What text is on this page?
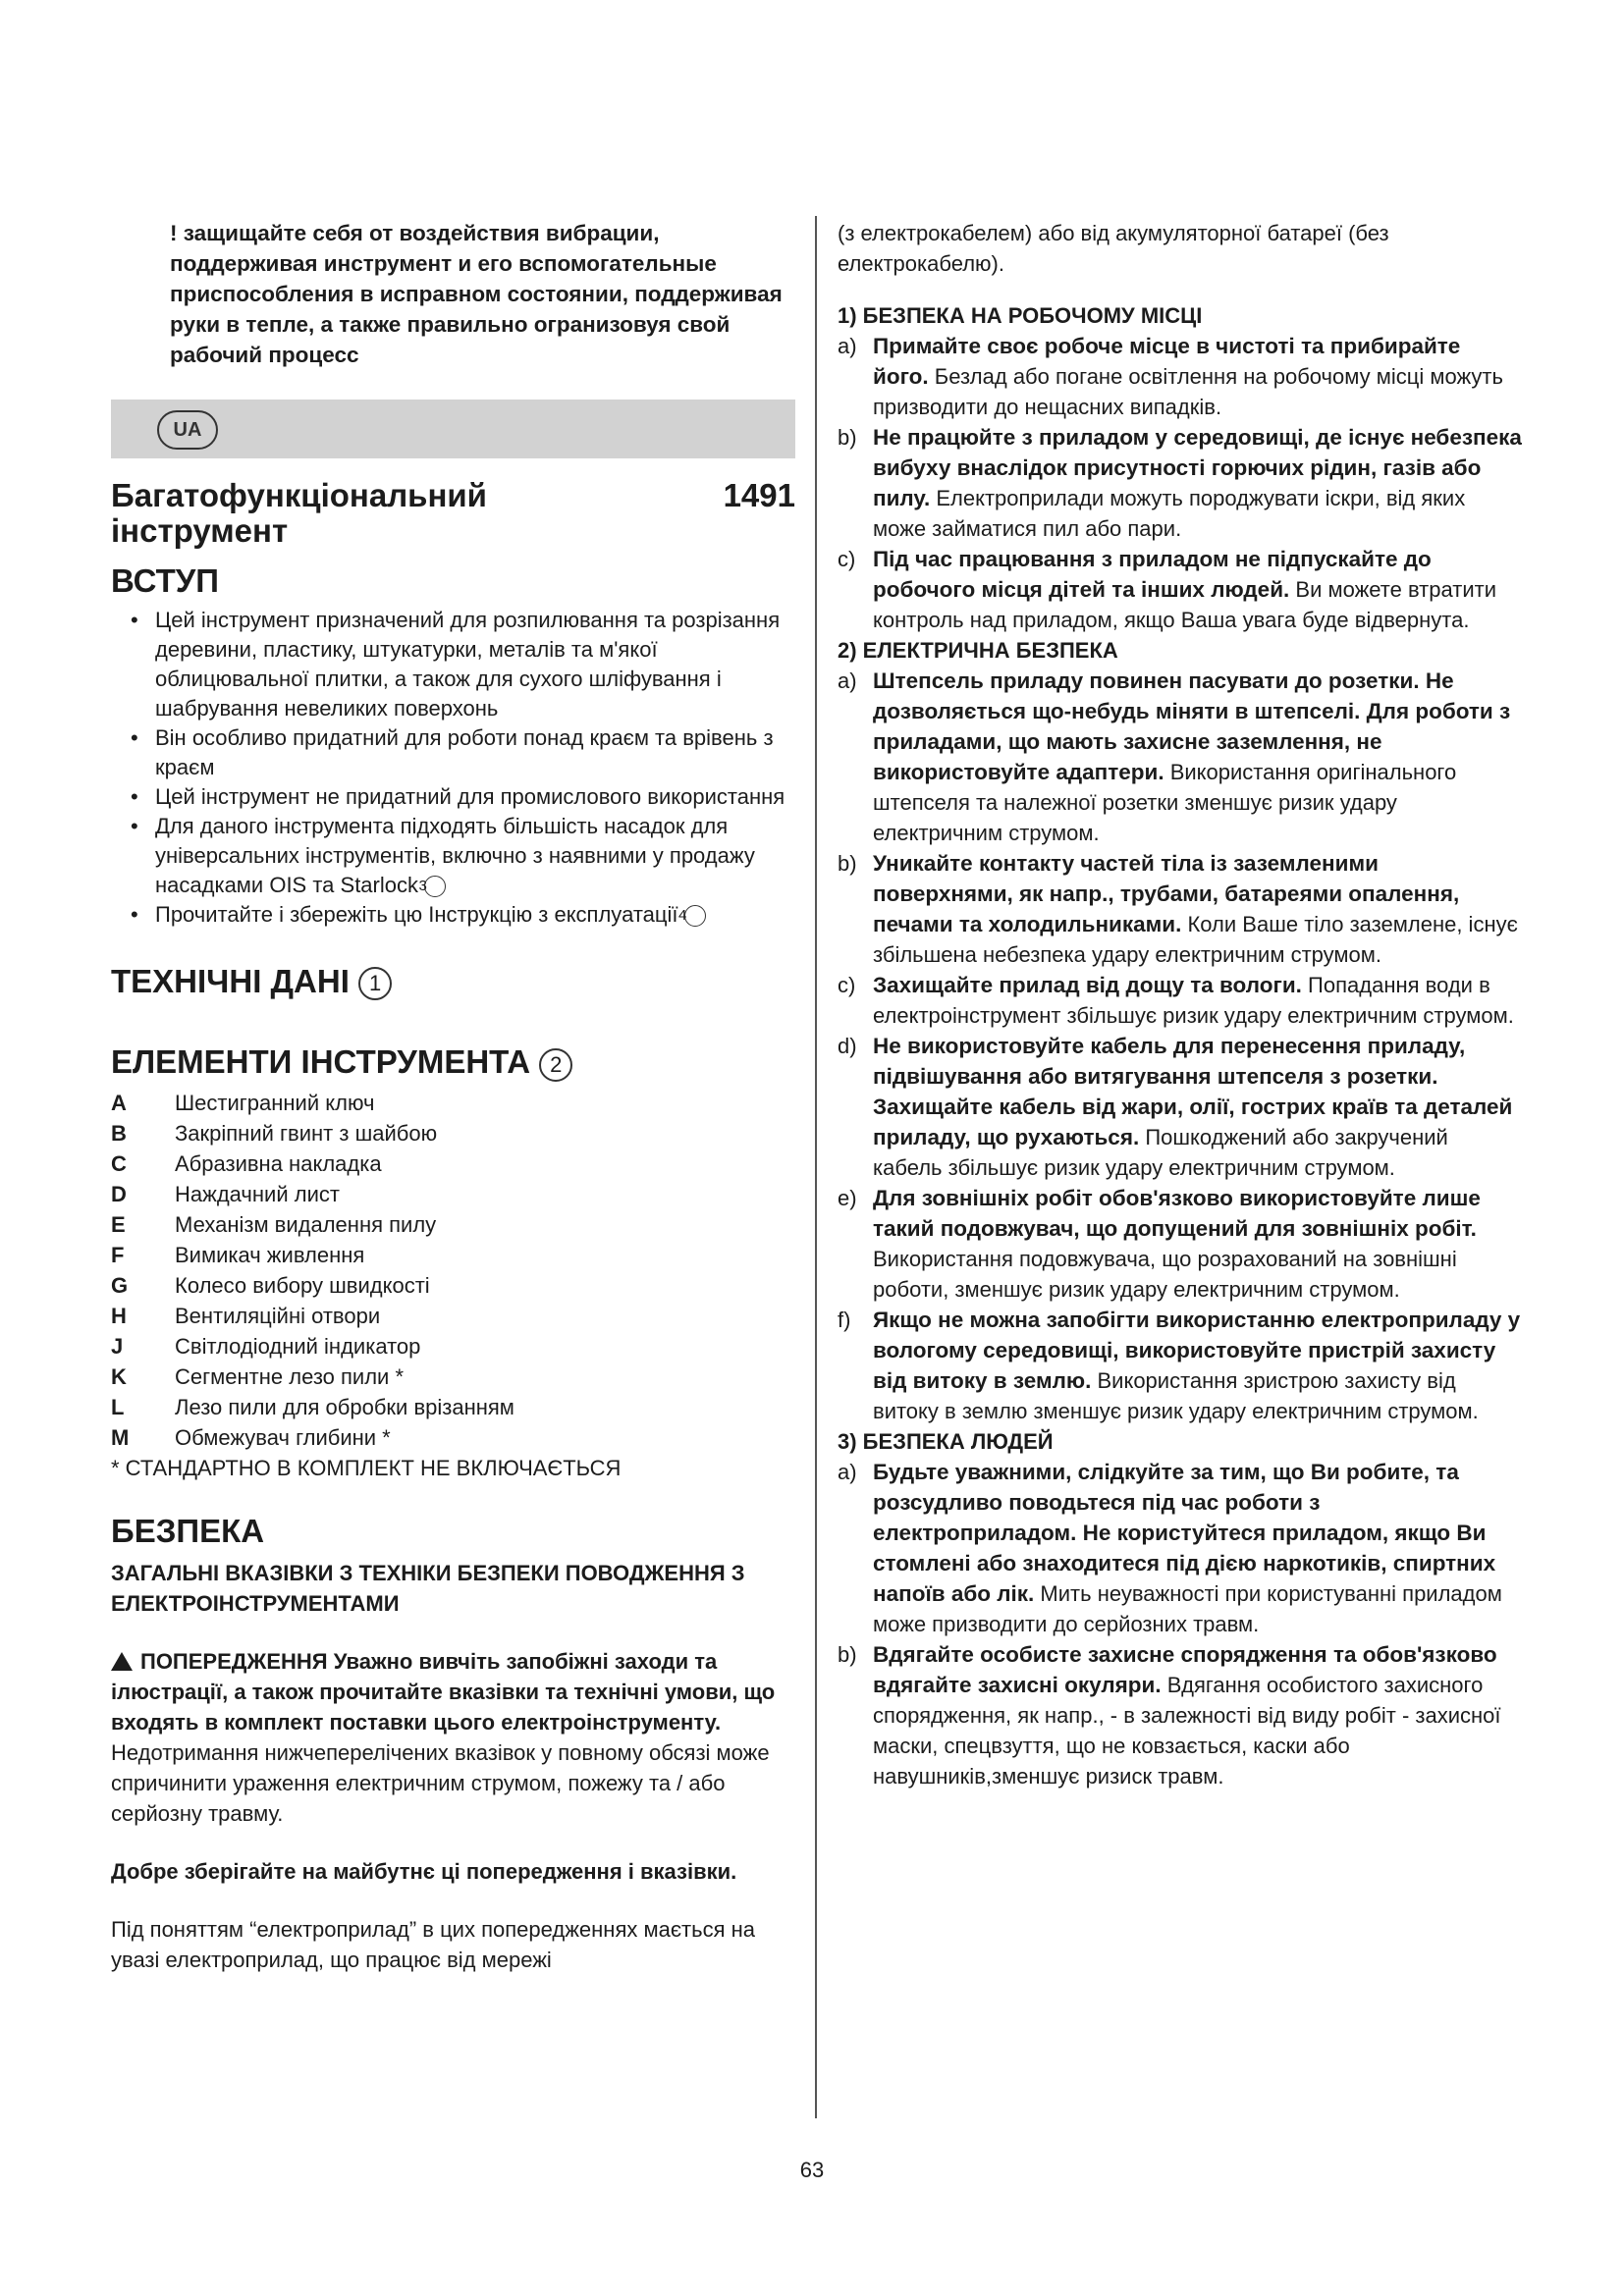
! защищайте себя от воздействия вибрации, поддерживая инструмент и его вспомогательные приспособления в исправном состоянии, поддерживая руки в тепле, а также правильно огранизовуя свой рабочий процесс
UA
Багатофункціональний інструмент
1491
ВСТУП
• Цей інструмент призначений для розпилювання та розрізання деревини, пластику, штукатурки, металів та м'якої облицювальної плитки, а також для сухого шліфування і шабрування невеликих поверхонь
• Він особливо придатний для роботи понад краєм та врівень з краєм
• Цей інструмент не придатний для промислового використання
• Для даного інструмента підходять більшість насадок для універсальних інструментів, включно з наявними у продажу насадками OIS та Starlock 3
• Прочитайте і збережіть цю Інструкцію з експлуатації 4
ТЕХНІЧНІ ДАНІ 1
ЕЛЕМЕНТИ ІНСТРУМЕНТА 2
A	Шестигранний ключ
B	Закріпний гвинт з шайбою
C	Абразивна накладка
D	Наждачний лист
E	Механізм видалення пилу
F	Вимикач живлення
G	Колесо вибору швидкості
H	Вентиляційні отвори
J	Світлодіодний індикатор
K	Сегментне лезо пили *
L	Лезо пили для обробки врізанням
M	Обмежувач глибини *
* СТАНДАРТНО В КОМПЛЕКТ НЕ ВКЛЮЧАЄТЬСЯ
БЕЗПЕКА
ЗАГАЛЬНІ ВКАЗІВКИ З ТЕХНІКИ БЕЗПЕКИ ПОВОДЖЕННЯ З ЕЛЕКТРОІНСТРУМЕНТАМИ

ПОПЕРЕДЖЕННЯ Уважно вивчіть запобіжні заходи та ілюстрації, а також прочитайте вказівки та технічні умови, що входять в комплект поставки цього електроінструменту. Недотримання нижчеперелічених вказівок у повному обсязі може спричинити ураження електричним струмом, пожежу та / або серйозну травму.

Добре зберігайте на майбутнє ці попередження і вказівки.

Під поняттям “електроприлад” в цих попередженнях мається на увазі електроприлад, що працює від мережі

(з електрокабелем) або від акумуляторної батареї (без електрокабелю).

1) БЕЗПЕКА НА РОБОЧОМУ МІСЦІ
a) Примайте своє робоче місце в чистоті та прибирайте його. Безлад або погане освітлення на робочому місці можуть призводити до нещасних випадків.
b) Не працюйте з приладом у середовищі, де існує небезпека вибуху внаслідок присутності горючих рідин, газів або пилу. Електроприлади можуть породжувати іскри, від яких може займатися пил або пари.
c) Під час працювання з приладом не підпускайте до робочого місця дітей та інших людей. Ви можете втратити контроль над приладом, якщо Ваша увага буде відвернута.
2) ЕЛЕКТРИЧНА БЕЗПЕКА
a) Штепсель приладу повинен пасувати до розетки. Не дозволяється що-небудь міняти в штепселі. Для роботи з приладами, що мають захисне заземлення, не використовуйте адаптери. Використання оригінального штепселя та належної розетки зменшує ризик удару електричним струмом.
b) Уникайте контакту частей тіла із заземленими поверхнями, як напр., трубами, батареями опалення, печами та холодильниками. Коли Ваше тіло заземлене, існує збільшена небезпека удару електричним струмом.
c) Захищайте прилад від дощу та вологи. Попадання води в електроінструмент збільшує ризик удару електричним струмом.
d) Не використовуйте кабель для перенесення приладу, підвішування або витягування штепселя з розетки. Захищайте кабель від жари, олії, гострих країв та деталей приладу, що рухаються. Пошкоджений або закручений кабель збільшує ризик удару електричним струмом.
e) Для зовнішніх робіт обов'язково використовуйте лише такий подовжувач, що допущений для зовнішніх робіт. Використання подовжувача, що розрахований на зовнішні роботи, зменшує ризик удару електричним струмом.
f)	Якщо не можна запобігти використанню електроприладу у вологому середовищі, використовуйте пристрій захисту від витоку в землю. Використання зристрою захисту від витоку в землю зменшує ризик удару електричним струмом.
3) БЕЗПЕКА ЛЮДЕЙ
a) Будьте уважними, слідкуйте за тим, що Ви робите, та розсудливо поводьтеся під час роботи з електроприладом. Не користуйтеся приладом, якщо Ви стомлені або знаходитеся під дією наркотиків, спиртних напоїв або лік. Мить неуважності при користуванні приладом може призводити до серйозних травм.
b) Вдягайте особисте захисне спорядження та обов'язково вдягайте захисні окуляри. Вдягання особистого захисного спорядження, як напр., - в залежності від виду робіт - захисної маски, спецвзуття, що не ковзається, каски або навушників,зменшує ризиск травм.
63
